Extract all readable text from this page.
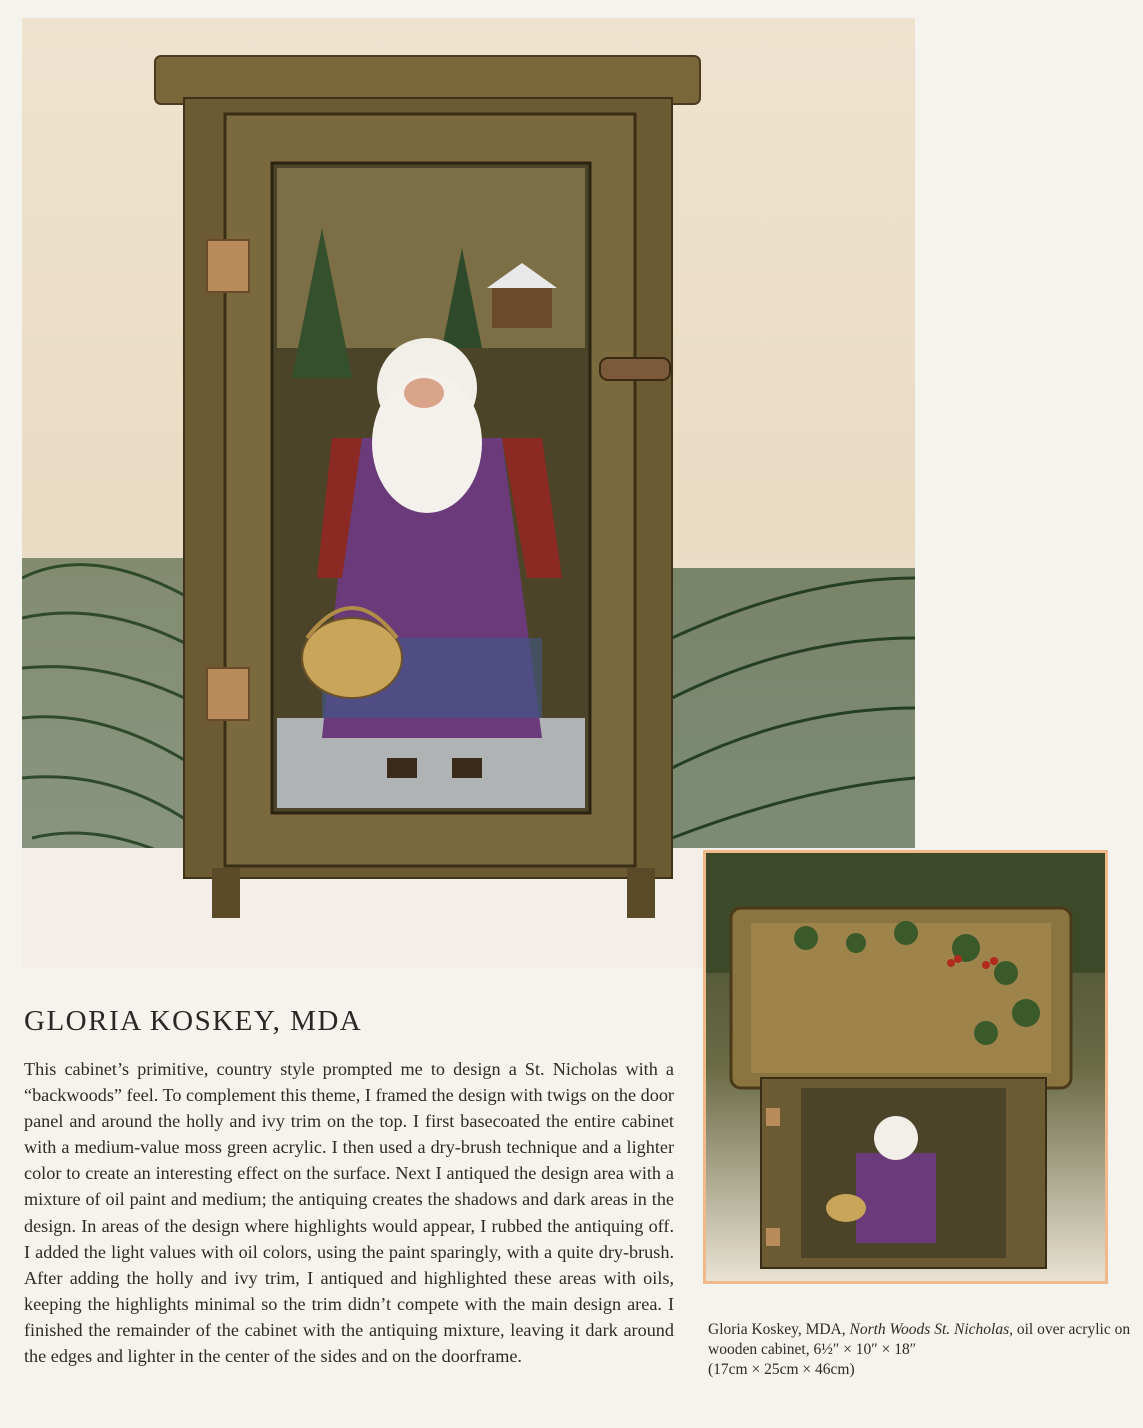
GLORIA KOSKEY, MDA

This cabinet’s primitive, country style prompted me to design a St. Nicholas with a “backwoods” feel. To complement this theme, I framed the design with twigs on the door panel and around the holly and ivy trim on the top. I first basecoated the entire cabinet with a medium-value moss green acrylic. I then used a dry-brush technique and a lighter color to create an interesting effect on the surface. Next I antiqued the design area with a mixture of oil paint and medium; the antiquing creates the shadows and dark areas in the design. In areas of the design where highlights would appear, I rubbed the antiquing off. I added the light values with oil colors, using the paint sparingly, with a quite dry-brush. After adding the holly and ivy trim, I antiqued and highlighted these areas with oils, keeping the highlights minimal so the trim didn’t compete with the main design area. I finished the remainder of the cabinet with the antiquing mixture, leaving it dark around the edges and lighter in the center of the sides and on the doorframe.

Gloria Koskey, MDA, North Woods St. Nicholas, oil over acrylic on wooden cabinet, 6½″ × 10″ × 18″
(17cm × 25cm × 46cm)
